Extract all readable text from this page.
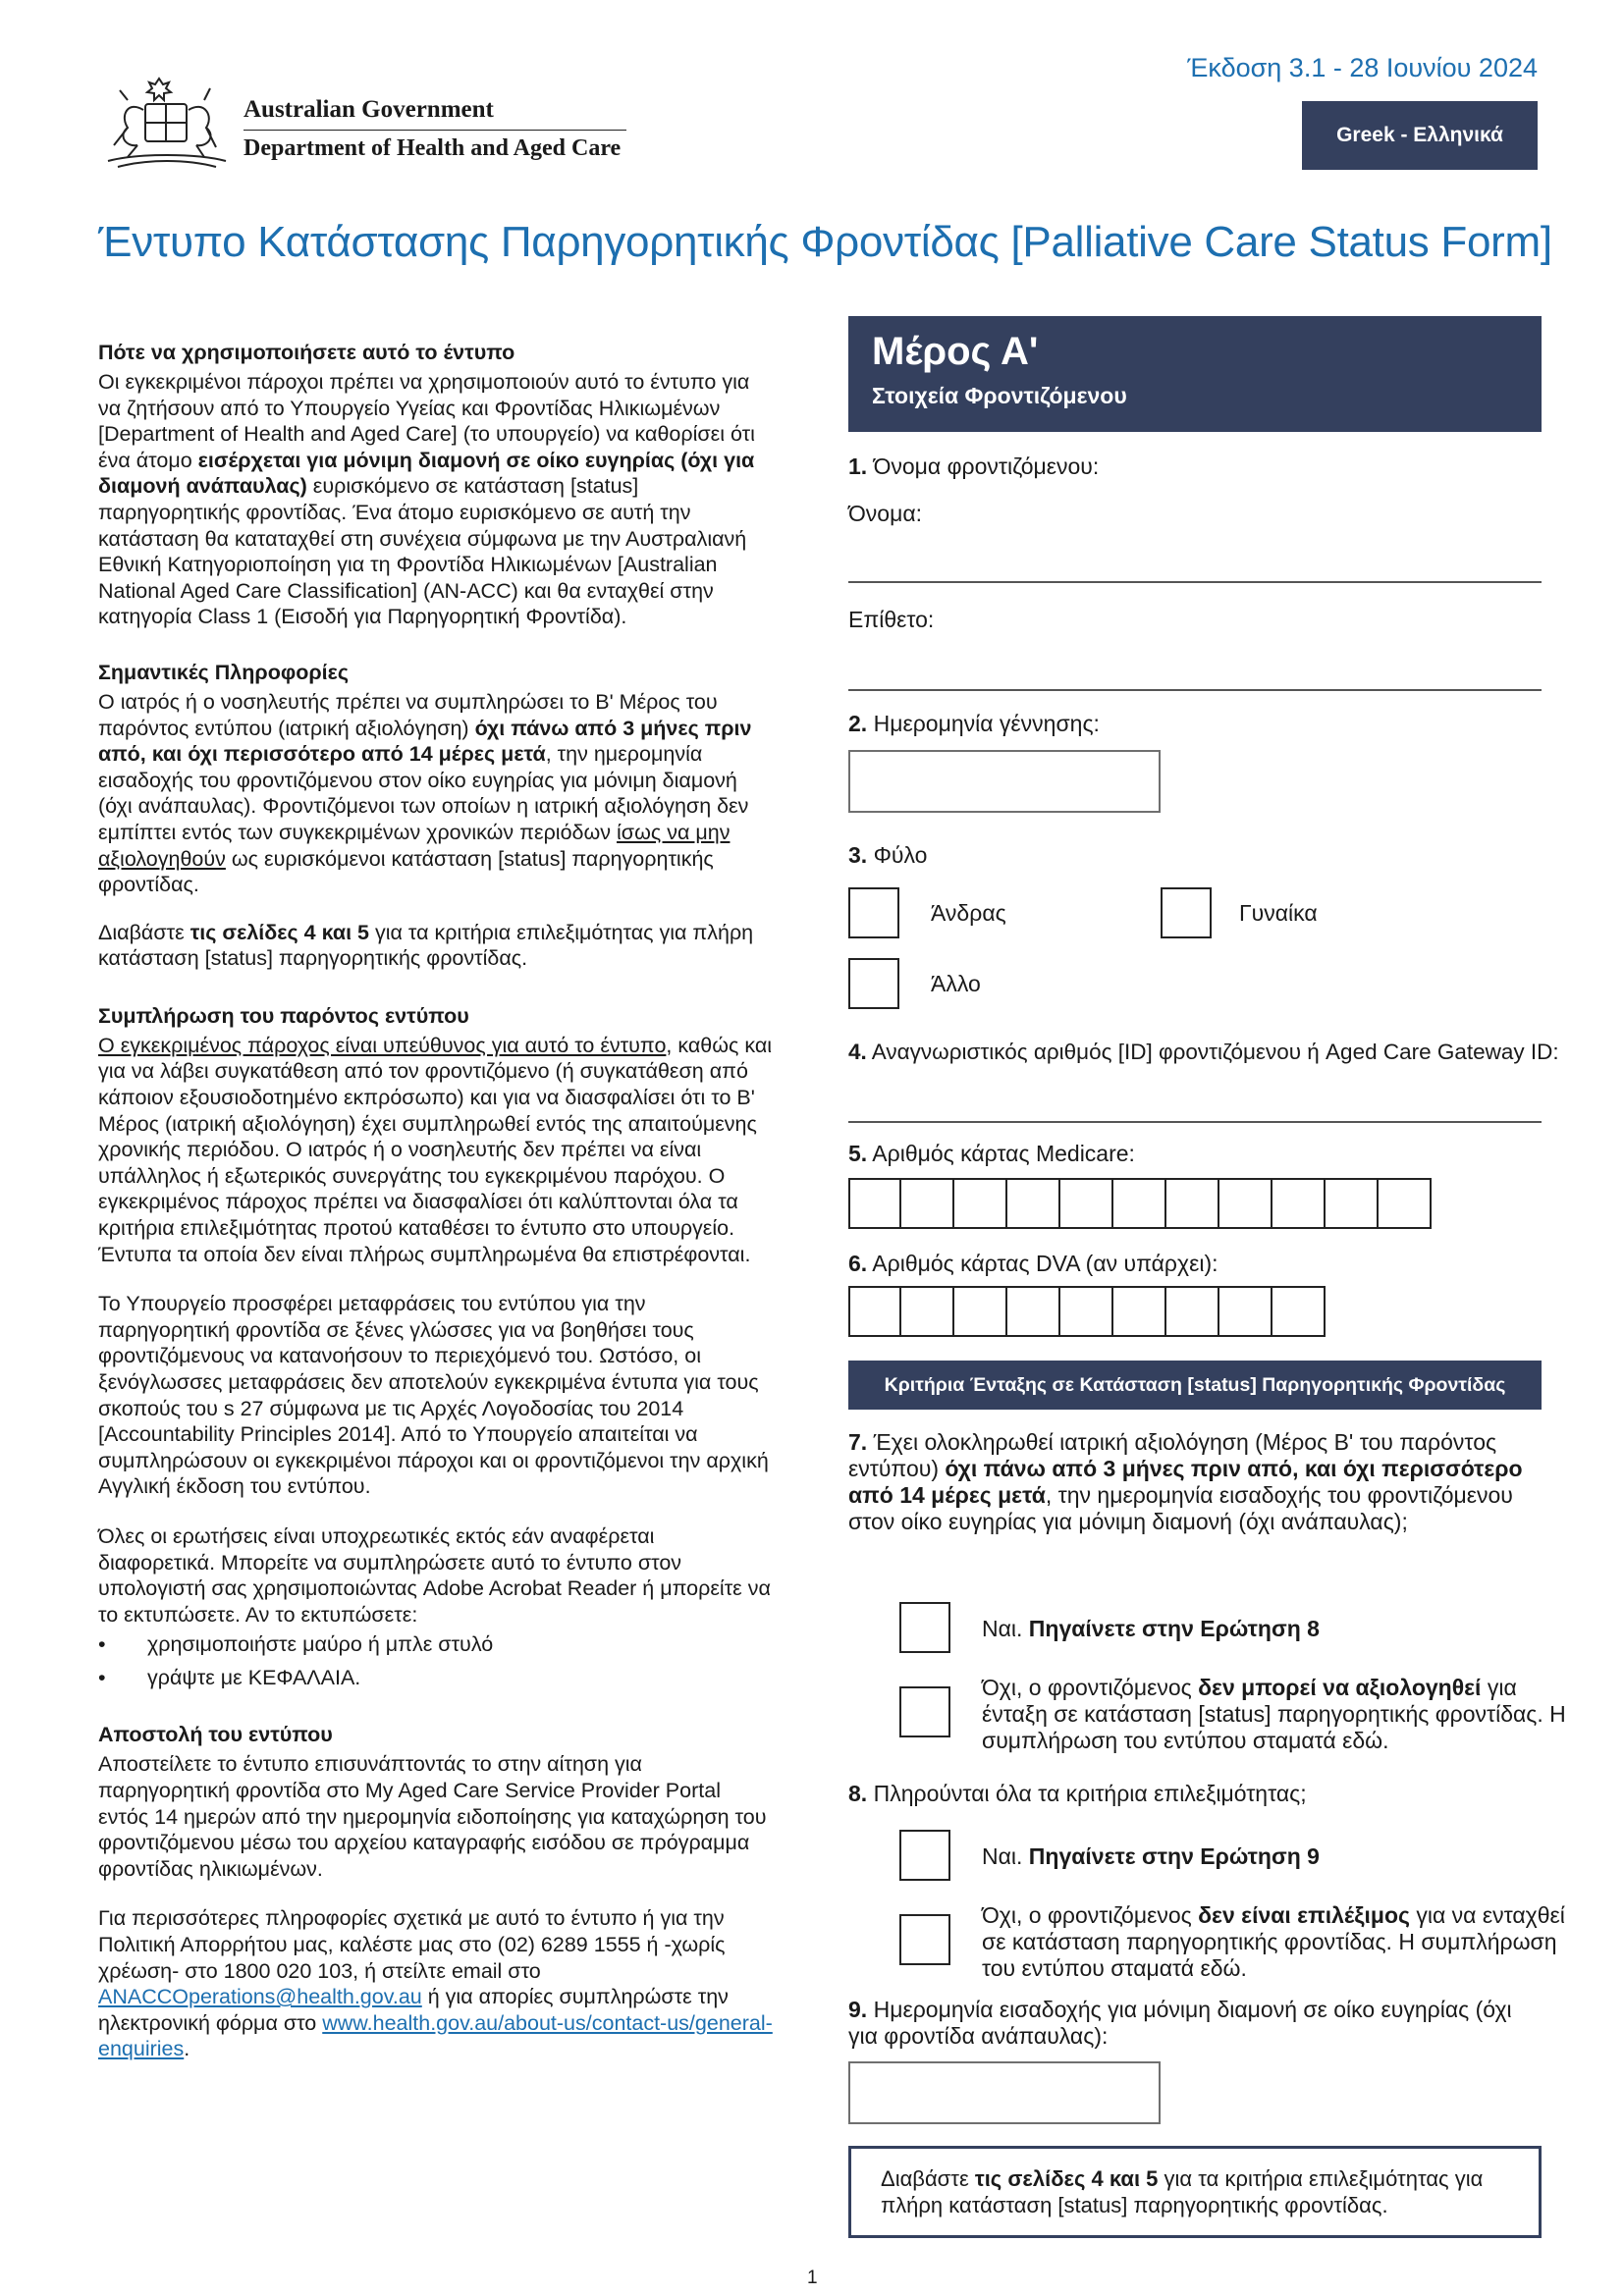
Australian Government
Department of Health and Aged Care
Έκδοση 3.1 - 28 Ιουνίου 2024
Greek - Ελληνικά
Έντυπο Κατάστασης Παρηγορητικής Φροντίδας [Palliative Care Status Form]
Πότε να χρησιμοποιήσετε αυτό το έντυπο

Οι εγκεκριμένοι πάροχοι πρέπει να χρησιμοποιούν αυτό το έντυπο για να ζητήσουν από το Υπουργείο Υγείας και Φροντίδας Ηλικιωμένων [Department of Health and Aged Care] (το υπουργείο) να καθορίσει ότι ένα άτομο εισέρχεται για μόνιμη διαμονή σε οίκο ευγηρίας (όχι για διαμονή ανάπαυλας) ευρισκόμενο σε κατάσταση [status] παρηγορητικής φροντίδας. Ένα άτομο ευρισκόμενο σε αυτή την κατάσταση θα καταταχθεί στη συνέχεια σύμφωνα με την Αυστραλιανή Εθνική Κατηγοριοποίηση για τη Φροντίδα Ηλικιωμένων [Australian National Aged Care Classification] (AN-ACC) και θα ενταχθεί στην κατηγορία Class 1 (Εισοδή για Παρηγορητική Φροντίδα).

Σημαντικές Πληροφορίες

Ο ιατρός ή ο νοσηλευτής πρέπει να συμπληρώσει το Β' Μέρος του παρόντος εντύπου (ιατρική αξιολόγηση) όχι πάνω από 3 μήνες πριν από, και όχι περισσότερο από 14 μέρες μετά, την ημερομηνία εισαδοχής του φροντιζόμενου στον οίκο ευγηρίας για μόνιμη διαμονή (όχι ανάπαυλας). Φροντιζόμενοι των οποίων η ιατρική αξιολόγηση δεν εμπίπτει εντός των συγκεκριμένων χρονικών περιόδων ίσως να μην αξιολογηθούν ως ευρισκόμενοι κατάσταση [status] παρηγορητικής φροντίδας.

Διαβάστε τις σελίδες 4 και 5 για τα κριτήρια επιλεξιμότητας για πλήρη κατάσταση [status] παρηγορητικής φροντίδας.

Συμπλήρωση του παρόντος εντύπου

Ο εγκεκριμένος πάροχος είναι υπεύθυνος για αυτό το έντυπο, καθώς και για να λάβει συγκατάθεση από τον φροντιζόμενο (ή συγκατάθεση από κάποιον εξουσιοδοτημένο εκπρόσωπο) και για να διασφαλίσει ότι το Β' Μέρος (ιατρική αξιολόγηση) έχει συμπληρωθεί εντός της απαιτούμενης χρονικής περιόδου. Ο ιατρός ή ο νοσηλευτής δεν πρέπει να είναι υπάλληλος ή εξωτερικός συνεργάτης του εγκεκριμένου παρόχου. Ο εγκεκριμένος πάροχος πρέπει να διασφαλίσει ότι καλύπτονται όλα τα κριτήρια επιλεξιμότητας προτού καταθέσει το έντυπο στο υπουργείο. Έντυπα τα οποία δεν είναι πλήρως συμπληρωμένα θα επιστρέφονται.

Το Υπουργείο προσφέρει μεταφράσεις του εντύπου για την παρηγορητική φροντίδα σε ξένες γλώσσες για να βοηθήσει τους φροντιζόμενους να κατανοήσουν το περιεχόμενό του. Ωστόσο, οι ξενόγλωσσες μεταφράσεις δεν αποτελούν εγκεκριμένα έντυπα για τους σκοπούς του s 27 σύμφωνα με τις Αρχές Λογοδοσίας του 2014 [Accountability Principles 2014]. Από το Υπουργείο απαιτείται να συμπληρώσουν οι εγκεκριμένοι πάροχοι και οι φροντιζόμενοι την αρχική Αγγλική έκδοση του εντύπου.

Όλες οι ερωτήσεις είναι υποχρεωτικές εκτός εάν αναφέρεται διαφορετικά. Μπορείτε να συμπληρώσετε αυτό το έντυπο στον υπολογιστή σας χρησιμοποιώντας Adobe Acrobat Reader ή μπορείτε να το εκτυπώσετε. Αν το εκτυπώσετε:

• χρησιμοποιήστε μαύρο ή μπλε στυλό
• γράψτε με ΚΕΦΑΛΑΙΑ.
Αποστολή του εντύπου

Αποστείλετε το έντυπο επισυνάπτοντάς το στην αίτηση για παρηγορητική φροντίδα στο My Aged Care Service Provider Portal εντός 14 ημερών από την ημερομηνία ειδοποίησης για καταχώρηση του φροντιζόμενου μέσω του αρχείου καταγραφής εισόδου σε πρόγραμμα φροντίδας ηλικιωμένων.

Για περισσότερες πληροφορίες σχετικά με αυτό το έντυπο ή για την Πολιτική Απορρήτου μας, καλέστε μας στο (02) 6289 1555 ή -χωρίς χρέωση- στο 1800 020 103, ή στείλτε email στο ANACCOperations@health.gov.au ή για απορίες συμπληρώστε την ηλεκτρονική φόρμα στο www.health.gov.au/about-us/contact-us/general- enquiries.

Μέρος Α'
Στοιχεία Φροντιζόμενου
1. Όνομα φροντιζόμενου:
Όνομα:
Επίθετο:
2. Ημερομηνία γέννησης:
3. Φύλο
Άνδρας	Γυναίκα
Άλλο
4. Αναγνωριστικός αριθμός [ID] φροντιζόμενου ή Aged Care Gateway ID:
5. Αριθμός κάρτας Medicare:
6. Αριθμός κάρτας DVA (αν υπάρχει):
Κριτήρια Ένταξης σε Κατάσταση [status] Παρηγορητικής Φροντίδας
7. Έχει ολοκληρωθεί ιατρική αξιολόγηση (Μέρος Β' του παρόντος εντύπου) όχι πάνω από 3 μήνες πριν από, και όχι περισσότερο από 14 μέρες μετά, την ημερομηνία εισαδοχής του φροντιζόμενου στον οίκο ευγηρίας για μόνιμη διαμονή (όχι ανάπαυλας);
Ναι. Πηγαίνετε στην Ερώτηση 8
Όχι, ο φροντιζόμενος δεν μπορεί να αξιολογηθεί για ένταξη σε κατάσταση [status] παρηγορητικής φροντίδας. Η συμπλήρωση του εντύπου σταματά εδώ.
8. Πληρούνται όλα τα κριτήρια επιλεξιμότητας;
Ναι. Πηγαίνετε στην Ερώτηση 9
Όχι, ο φροντιζόμενος δεν είναι επιλέξιμος για να ενταχθεί σε κατάσταση παρηγορητικής φροντίδας. Η συμπλήρωση του εντύπου σταματά εδώ.
9. Ημερομηνία εισαδοχής για μόνιμη διαμονή σε οίκο ευγηρίας (όχι για φροντίδα ανάπαυλας):

Διαβάστε τις σελίδες 4 και 5 για τα κριτήρια επιλεξιμότητας για πλήρη κατάσταση [status] παρηγορητικής φροντίδας.

1
